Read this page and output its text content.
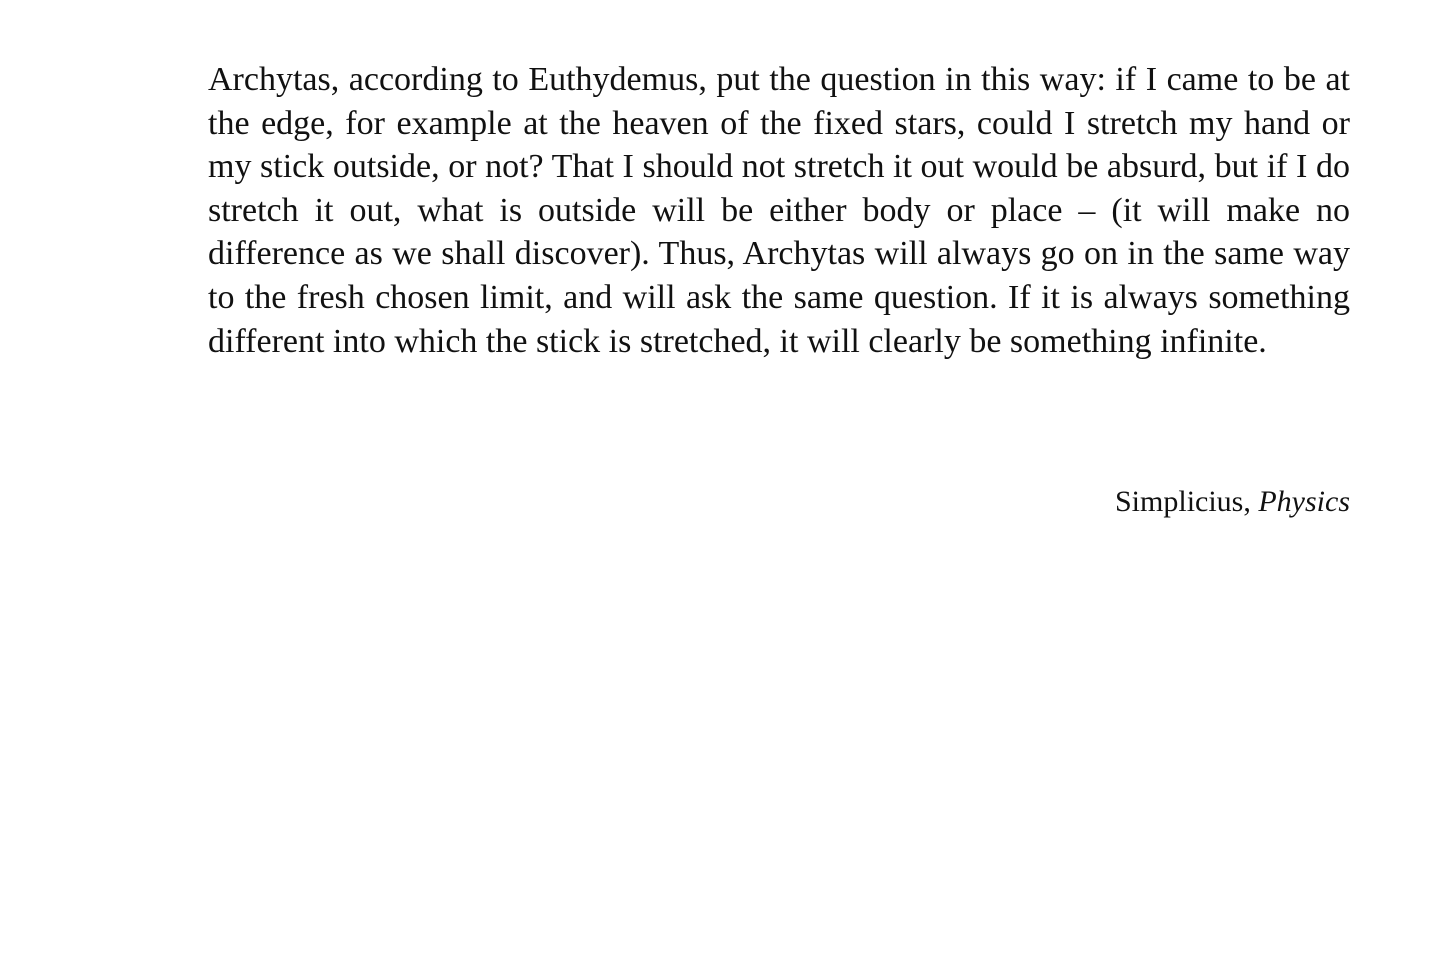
Archytas, according to Euthydemus, put the question in this way: if I came to be at the edge, for example at the heaven of the fixed stars, could I stretch my hand or my stick outside, or not? That I should not stretch it out would be absurd, but if I do stretch it out, what is outside will be either body or place – (it will make no difference as we shall discover). Thus, Archytas will always go on in the same way to the fresh chosen limit, and will ask the same question. If it is always something different into which the stick is stretched, it will clearly be something infinite.

Simplicius, Physics
